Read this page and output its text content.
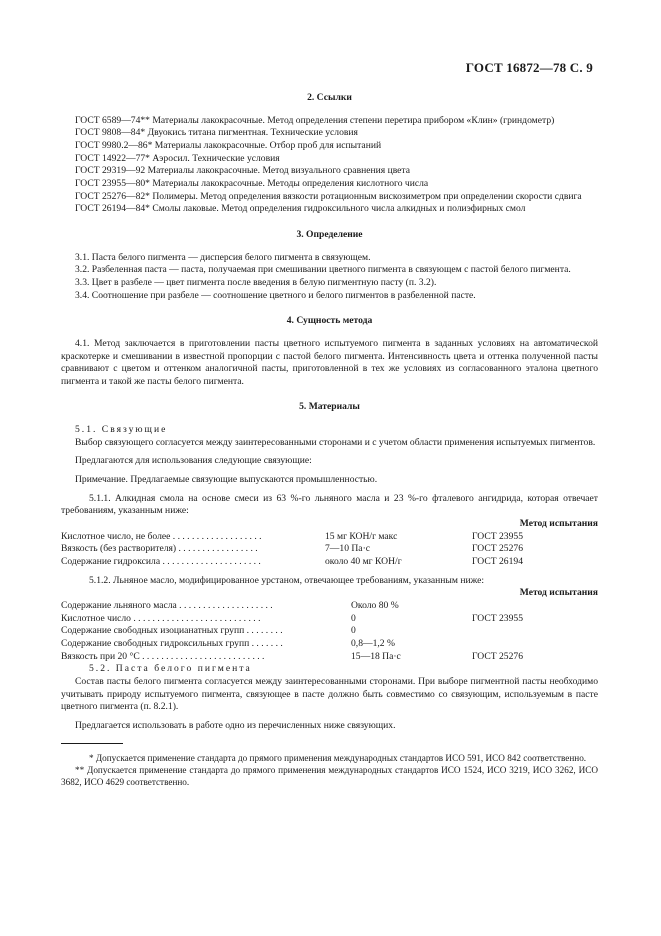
ГОСТ 16872—78 С. 9
2. Ссылки

ГОСТ 6589—74** Материалы лакокрасочные. Метод определения степени перетира прибором «Клин» (гриндометр)

ГОСТ 9808—84* Двуокись титана пигментная. Технические условия

ГОСТ 9980.2—86* Материалы лакокрасочные. Отбор проб для испытаний

ГОСТ 14922—77* Аэросил. Технические условия

ГОСТ 29319—92 Материалы лакокрасочные. Метод визуального сравнения цвета

ГОСТ 23955—80* Материалы лакокрасочные. Методы определения кислотного числа

ГОСТ 25276—82* Полимеры. Метод определения вязкости ротационным вискозиметром при определении скорости сдвига

ГОСТ 26194—84* Смолы лаковые. Метод определения гидроксильного числа алкидных и полиэфирных смол

3. Определение

3.1. Паста белого пигмента — дисперсия белого пигмента в связующем.

3.2. Разбеленная паста — паста, получаемая при смешивании цветного пигмента в связующем с пастой белого пигмента.

3.3. Цвет в разбеле — цвет пигмента после введения в белую пигментную пасту (п. 3.2).

3.4. Соотношение при разбеле — соотношение цветного и белого пигментов в разбеленной пасте.

4. Сущность метода

4.1. Метод заключается в приготовлении пасты цветного испытуемого пигмента в заданных условиях на автоматической краскотерке и смешивании в известной пропорции с пастой белого пигмента. Интенсивность цвета и оттенка полученной пасты сравнивают с цветом и оттенком аналогичной пасты, приготовленной в тех же условиях из согласованного эталона цветного пигмента и такой же пасты белого пигмента.

5. Материалы

5.1. Связующие

Выбор связующего согласуется между заинтересованными сторонами и с учетом области применения испытуемых пигментов.

Предлагаются для использования следующие связующие:

Примечание. Предлагаемые связующие выпускаются промышленностью.

5.1.1. Алкидная смола на основе смеси из 63 %-го льняного масла и 23 %-го фталевого ангидрида, которая отвечает требованиям, указанным ниже:

Метод испытания

Кислотное число, не более . . . . . . . . . . . . . . . . . . .	15 мг КОН/г макс	ГОСТ 23955
Вязкость (без растворителя) . . . . . . . . . . . . . . . . .	7—10 Па·с	ГОСТ 25276
Содержание гидроксила . . . . . . . . . . . . . . . . . . . . .	около 40 мг КОН/г	ГОСТ 26194

5.1.2. Льняное масло, модифицированное урстаном, отвечающее требованиям, указанным ниже:

Метод испытания

Содержание льняного масла . . . . . . . . . . . . . . . . . . . .	Около 80 %	
Кислотное число . . . . . . . . . . . . . . . . . . . . . . . . . . .	0	ГОСТ 23955
Содержание свободных изоцианатных групп . . . . . . . .	0	
Содержание свободных гидроксильных групп . . . . . . .	0,8—1,2 %	
Вязкость при 20 °С . . . . . . . . . . . . . . . . . . . . . . . . . .	15—18 Па·с	ГОСТ 25276

5.2. Паста белого пигмента

Состав пасты белого пигмента согласуется между заинтересованными сторонами. При выборе пигментной пасты необходимо учитывать природу испытуемого пигмента, связующее в пасте должно быть совместимо со связующим, используемым в пасте цветного пигмента (п. 8.2.1).

Предлагается использовать в работе одно из перечисленных ниже связующих.

* Допускается применение стандарта до прямого применения международных стандартов ИСО 591, ИСО 842 соответственно.

** Допускается применение стандарта до прямого применения международных стандартов ИСО 1524, ИСО 3219, ИСО 3262, ИСО 3682, ИСО 4629 соответственно.
